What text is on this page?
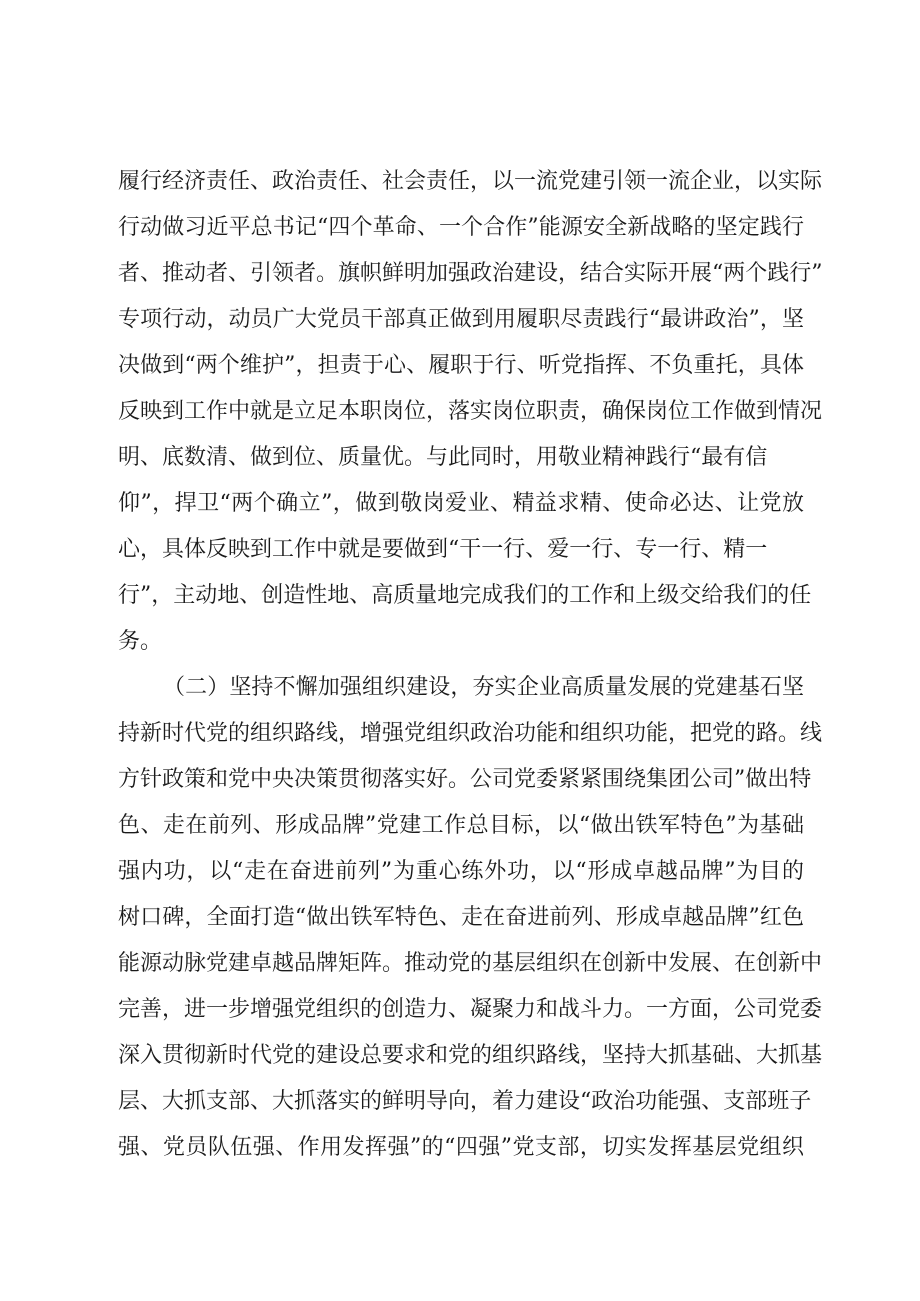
履行经济责任、政治责任、社会责任，以一流党建引领一流企业，以实际
行动做习近平总书记“四个革命、一个合作”能源安全新战略的坚定践行
者、推动者、引领者。旗帜鲜明加强政治建设，结合实际开展“两个践行”
专项行动，动员广大党员干部真正做到用履职尽责践行“最讲政治”，坚
决做到“两个维护”，担责于心、履职于行、听党指挥、不负重托，具体
反映到工作中就是立足本职岗位，落实岗位职责，确保岗位工作做到情况
明、底数清、做到位、质量优。与此同时，用敬业精神践行“最有信
仰”，捍卫“两个确立”，做到敬岗爱业、精益求精、使命必达、让党放
心，具体反映到工作中就是要做到“干一行、爱一行、专一行、精一
行”，主动地、创造性地、高质量地完成我们的工作和上级交给我们的任
务。
（二）坚持不懈加强组织建设，夯实企业高质量发展的党建基石坚
持新时代党的组织路线，增强党组织政治功能和组织功能，把党的路。线
方针政策和党中央决策贯彻落实好。公司党委紧紧围绕集团公司”做出特
色、走在前列、形成品牌”党建工作总目标，以“做出铁军特色”为基础
强内功，以“走在奋进前列”为重心练外功，以“形成卓越品牌”为目的
树口碑，全面打造“做出铁军特色、走在奋进前列、形成卓越品牌”红色
能源动脉党建卓越品牌矩阵。推动党的基层组织在创新中发展、在创新中
完善，进一步增强党组织的创造力、凝聚力和战斗力。一方面，公司党委
深入贯彻新时代党的建设总要求和党的组织路线，坚持大抓基础、大抓基
层、大抓支部、大抓落实的鲜明导向，着力建设“政治功能强、支部班子
强、党员队伍强、作用发挥强”的“四强”党支部，切实发挥基层党组织
